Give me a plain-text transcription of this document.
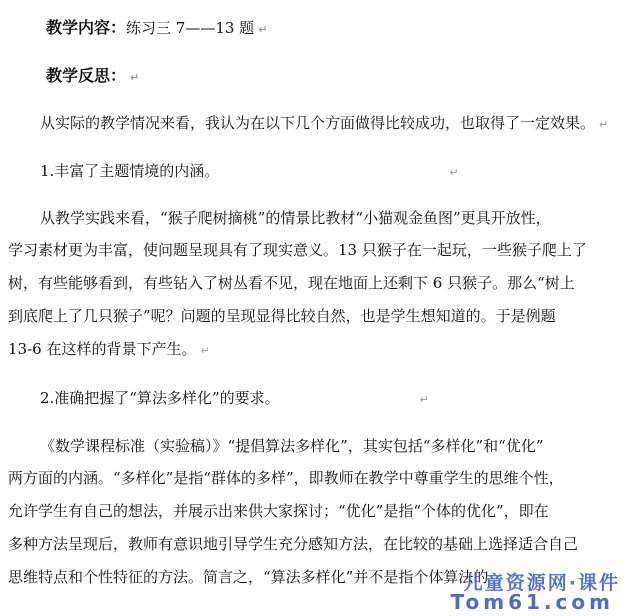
教学内容：练习三 7——13 题 ↵
教学反思： ↵
从实际的教学情况来看，我认为在以下几个方面做得比较成功，也取得了一定效果。 ↵
1.丰富了主题情境的内涵。	↵
从教学实践来看，“猴子爬树摘桃”的情景比教材“小猫观金鱼图”更具开放性，
学习素材更为丰富，使问题呈现具有了现实意义。13 只猴子在一起玩，一些猴子爬上了
树，有些能够看到，有些钻入了树丛看不见，现在地面上还剩下 6 只猴子。那么“树上
到底爬上了几只猴子”呢？问题的呈现显得比较自然，也是学生想知道的。于是例题
13-6 在这样的背景下产生。 ↵
2.准确把握了“算法多样化”的要求。	↵
《数学课程标准（实验稿）》“提倡算法多样化”，其实包括“多样化”和“优化”
两方面的内涵。“多样化”是指“群体的多样”，即教师在教学中尊重学生的思维个性，
允许学生有自己的想法，并展示出来供大家探讨；“优化”是指“个体的优化”，即在
多种方法呈现后，教师有意识地引导学生充分感知方法，在比较的基础上选择适合自己
思维特点和个性特征的方法。简言之，“算法多样化”并不是指个体算法的
儿童资源网·课件
Tom61.com
